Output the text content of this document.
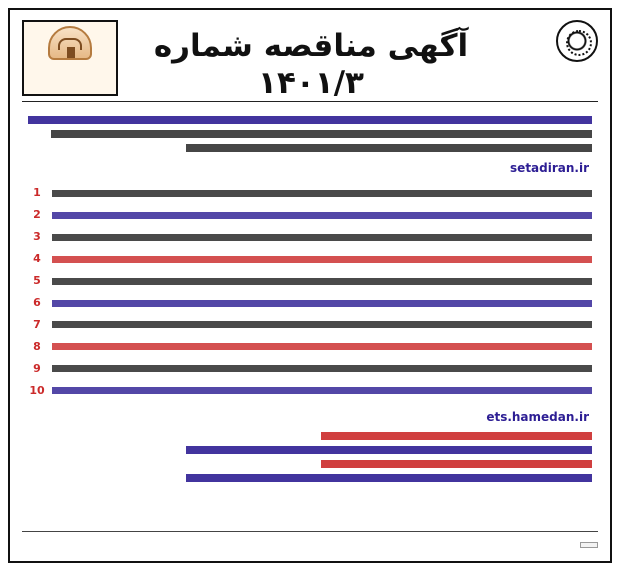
آگهی مناقصه شماره ۱۴۰۱/۳
setadiran.ir
1
2
3
4
5
6
7
8
9
10
ets.hamedan.ir
